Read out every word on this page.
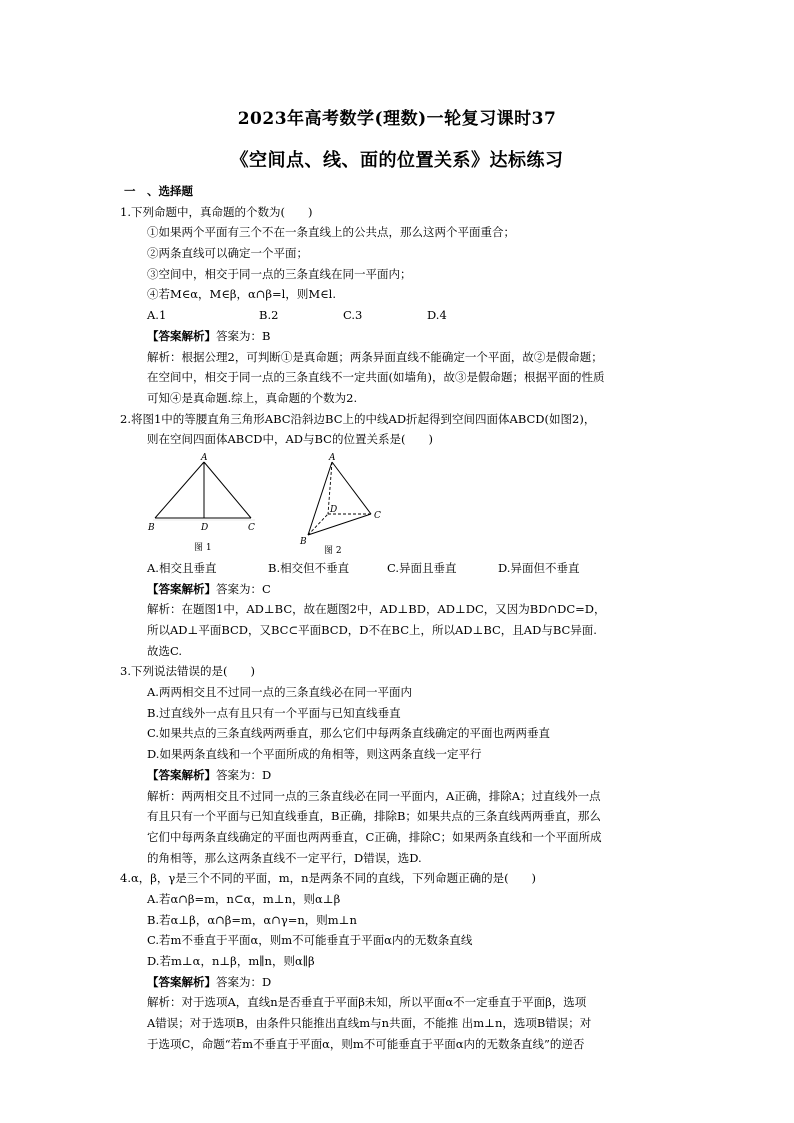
2023年高考数学(理数)一轮复习课时37
《空间点、线、面的位置关系》达标练习
一　、选择题
1.下列命题中，真命题的个数为(　　)
①如果两个平面有三个不在一条直线上的公共点，那么这两个平面重合；
②两条直线可以确定一个平面；
③空间中，相交于同一点的三条直线在同一平面内；
④若M∈α，M∈β，α∩β=l，则M∈l.
A.1	B.2	C.3	D.4
【答案解析】答案为：B
解析：根据公理2，可判断①是真命题；两条异面直线不能确定一个平面，故②是假命题；
在空间中，相交于同一点的三条直线不一定共面(如墙角)，故③是假命题；根据平面的性质
可知④是真命题.综上，真命题的个数为2.
2.将图1中的等腰直角三角形ABC沿斜边BC上的中线AD折起得到空间四面体ABCD(如图2)，
则在空间四面体ABCD中，AD与BC的位置关系是(　　)
A
B	D	C
图 1
A
D
B
C
图 2
A.相交且垂直	B.相交但不垂直	C.异面且垂直	D.异面但不垂直
【答案解析】答案为：C
解析：在题图1中，AD⊥BC，故在题图2中，AD⊥BD，AD⊥DC，又因为BD∩DC=D，
所以AD⊥平面BCD，又BC⊂平面BCD，D不在BC上，所以AD⊥BC，且AD与BC异面.
故选C.
3.下列说法错误的是(　　)
A.两两相交且不过同一点的三条直线必在同一平面内
B.过直线外一点有且只有一个平面与已知直线垂直
C.如果共点的三条直线两两垂直，那么它们中每两条直线确定的平面也两两垂直
D.如果两条直线和一个平面所成的角相等，则这两条直线一定平行
【答案解析】答案为：D
解析：两两相交且不过同一点的三条直线必在同一平面内，A正确，排除A；过直线外一点
有且只有一个平面与已知直线垂直，B正确，排除B；如果共点的三条直线两两垂直，那么
它们中每两条直线确定的平面也两两垂直，C正确，排除C；如果两条直线和一个平面所成
的角相等，那么这两条直线不一定平行，D错误，选D.
4.α，β，γ是三个不同的平面，m，n是两条不同的直线，下列命题正确的是(　　)
A.若α∩β=m，n⊂α，m⊥n，则α⊥β
B.若α⊥β，α∩β=m，α∩γ=n，则m⊥n
C.若m不垂直于平面α，则m不可能垂直于平面α内的无数条直线
D.若m⊥α，n⊥β，m∥n，则α∥β
【答案解析】答案为：D
解析：对于选项A，直线n是否垂直于平面β未知，所以平面α不一定垂直于平面β，选项
A错误；对于选项B，由条件只能推出直线m与n共面，不能推 出m⊥n，选项B错误；对
于选项C，命题“若m不垂直于平面α，则m不可能垂直于平面α内的无数条直线”的逆否
